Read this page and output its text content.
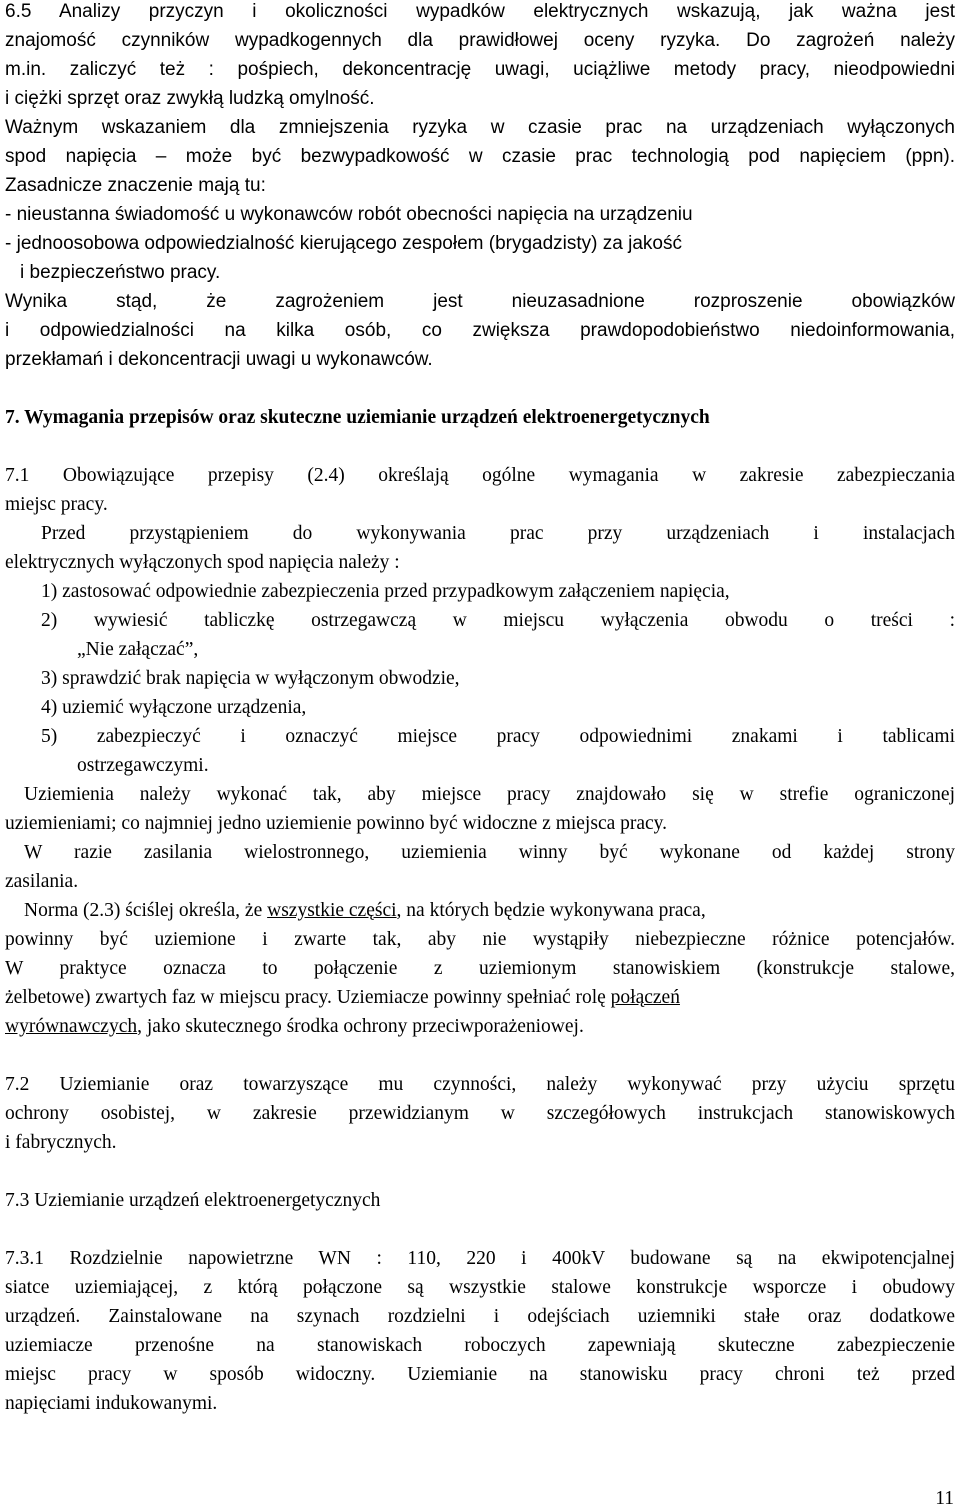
6.5 Analizy przyczyn i okoliczności wypadków elektrycznych wskazują, jak ważna jest
znajomość czynników wypadkogennych dla prawidłowej oceny ryzyka. Do zagrożeń należy
m.in. zaliczyć też : pośpiech, dekoncentrację uwagi, uciążliwe metody pracy, nieodpowiedni
i ciężki sprzęt oraz zwykłą ludzką omylność.
Ważnym wskazaniem dla zmniejszenia ryzyka w czasie prac na urządzeniach wyłączonych
spod napięcia – może być bezwypadkowość w czasie prac technologią pod napięciem (ppn).
Zasadnicze znaczenie mają tu:
- nieustanna świadomość u wykonawców robót obecności napięcia na urządzeniu
- jednoosobowa odpowiedzialność kierującego zespołem (brygadzisty) za jakość
i bezpieczeństwo pracy.
Wynika stąd, że zagrożeniem jest nieuzasadnione rozproszenie obowiązków
i odpowiedzialności na kilka osób, co zwiększa prawdopodobieństwo niedoinformowania,
przekłamań i dekoncentracji uwagi u wykonawców.
7. Wymagania przepisów oraz skuteczne uziemianie urządzeń elektroenergetycznych
7.1 Obowiązujące przepisy (2.4) określają ogólne wymagania w zakresie zabezpieczania
miejsc pracy.
Przed przystąpieniem do wykonywania prac przy urządzeniach i instalacjach
elektrycznych wyłączonych spod napięcia należy :
1) zastosować odpowiednie zabezpieczenia przed przypadkowym załączeniem napięcia,
2) wywiesić tabliczkę ostrzegawczą w miejscu wyłączenia obwodu o treści :
„Nie załączać”,
3) sprawdzić brak napięcia w wyłączonym obwodzie,
4) uziemić wyłączone urządzenia,
5) zabezpieczyć i oznaczyć miejsce pracy odpowiednimi znakami i tablicami
ostrzegawczymi.
Uziemienia należy wykonać tak, aby miejsce pracy znajdowało się w strefie ograniczonej
uziemieniami; co najmniej jedno uziemienie powinno być widoczne z miejsca pracy.
W razie zasilania wielostronnego, uziemienia winny być wykonane od każdej strony
zasilania.
Norma (2.3) ściślej określa, że wszystkie części, na których będzie wykonywana praca,
powinny być uziemione i zwarte tak, aby nie wystąpiły niebezpieczne różnice potencjałów.
W praktyce oznacza to połączenie z uziemionym stanowiskiem (konstrukcje stalowe,
żelbetowe) zwartych faz w miejscu pracy. Uziemiacze powinny spełniać rolę połączeń
wyrównawczych, jako skutecznego środka ochrony przeciwporażeniowej.
7.2 Uziemianie oraz towarzyszące mu czynności, należy wykonywać przy użyciu sprzętu
ochrony osobistej, w zakresie przewidzianym w szczegółowych instrukcjach stanowiskowych
i fabrycznych.
7.3 Uziemianie urządzeń elektroenergetycznych
7.3.1 Rozdzielnie napowietrzne WN : 110, 220 i 400kV budowane są na ekwipotencjalnej
siatce uziemiającej, z którą połączone są wszystkie stalowe konstrukcje wsporcze i obudowy
urządzeń. Zainstalowane na szynach rozdzielni i odejściach uziemniki stałe oraz dodatkowe
uziemiacze przenośne na stanowiskach roboczych zapewniają skuteczne zabezpieczenie
miejsc pracy w sposób widoczny. Uziemianie na stanowisku pracy chroni też przed
napięciami indukowanymi.
11
